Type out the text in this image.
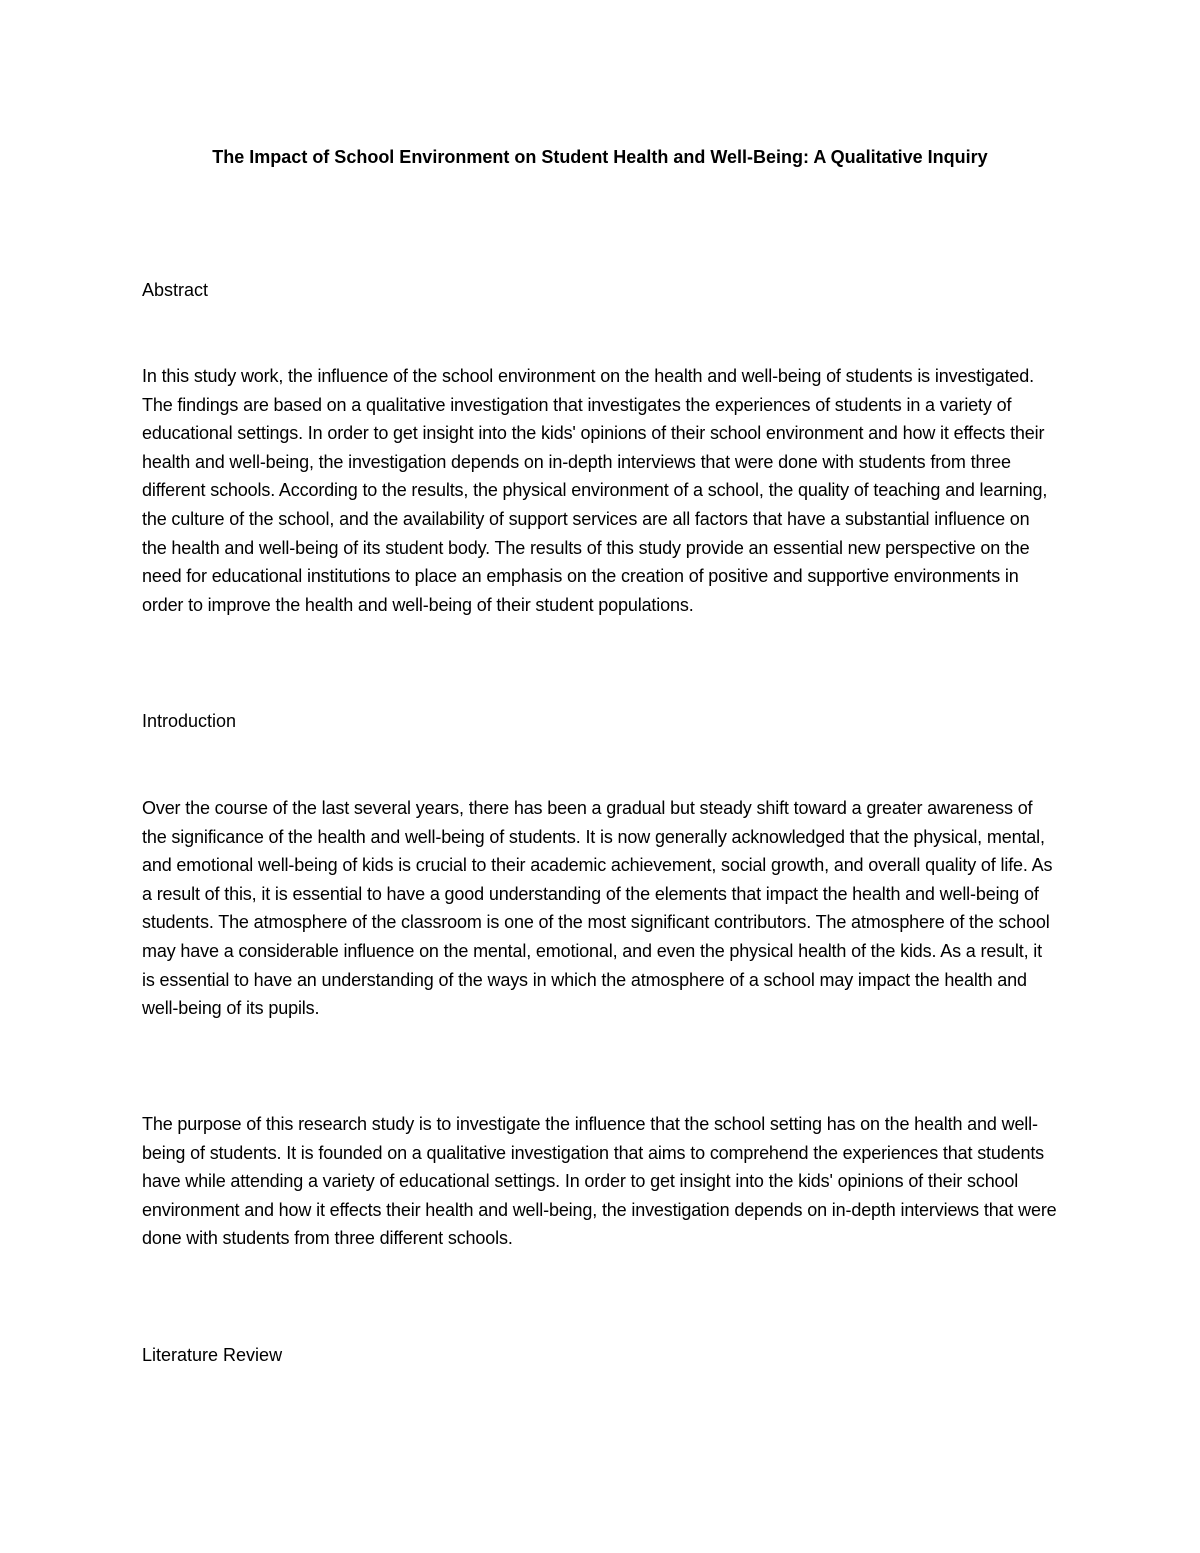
The Impact of School Environment on Student Health and Well-Being: A Qualitative Inquiry
Abstract

In this study work, the influence of the school environment on the health and well-being of students is investigated. The findings are based on a qualitative investigation that investigates the experiences of students in a variety of educational settings. In order to get insight into the kids' opinions of their school environment and how it effects their health and well-being, the investigation depends on in-depth interviews that were done with students from three different schools. According to the results, the physical environment of a school, the quality of teaching and learning, the culture of the school, and the availability of support services are all factors that have a substantial influence on the health and well-being of its student body. The results of this study provide an essential new perspective on the need for educational institutions to place an emphasis on the creation of positive and supportive environments in order to improve the health and well-being of their student populations.

Introduction

Over the course of the last several years, there has been a gradual but steady shift toward a greater awareness of the significance of the health and well-being of students. It is now generally acknowledged that the physical, mental, and emotional well-being of kids is crucial to their academic achievement, social growth, and overall quality of life. As a result of this, it is essential to have a good understanding of the elements that impact the health and well-being of students. The atmosphere of the classroom is one of the most significant contributors. The atmosphere of the school may have a considerable influence on the mental, emotional, and even the physical health of the kids. As a result, it is essential to have an understanding of the ways in which the atmosphere of a school may impact the health and well-being of its pupils.

The purpose of this research study is to investigate the influence that the school setting has on the health and well-being of students. It is founded on a qualitative investigation that aims to comprehend the experiences that students have while attending a variety of educational settings. In order to get insight into the kids' opinions of their school environment and how it effects their health and well-being, the investigation depends on in-depth interviews that were done with students from three different schools.

Literature Review
